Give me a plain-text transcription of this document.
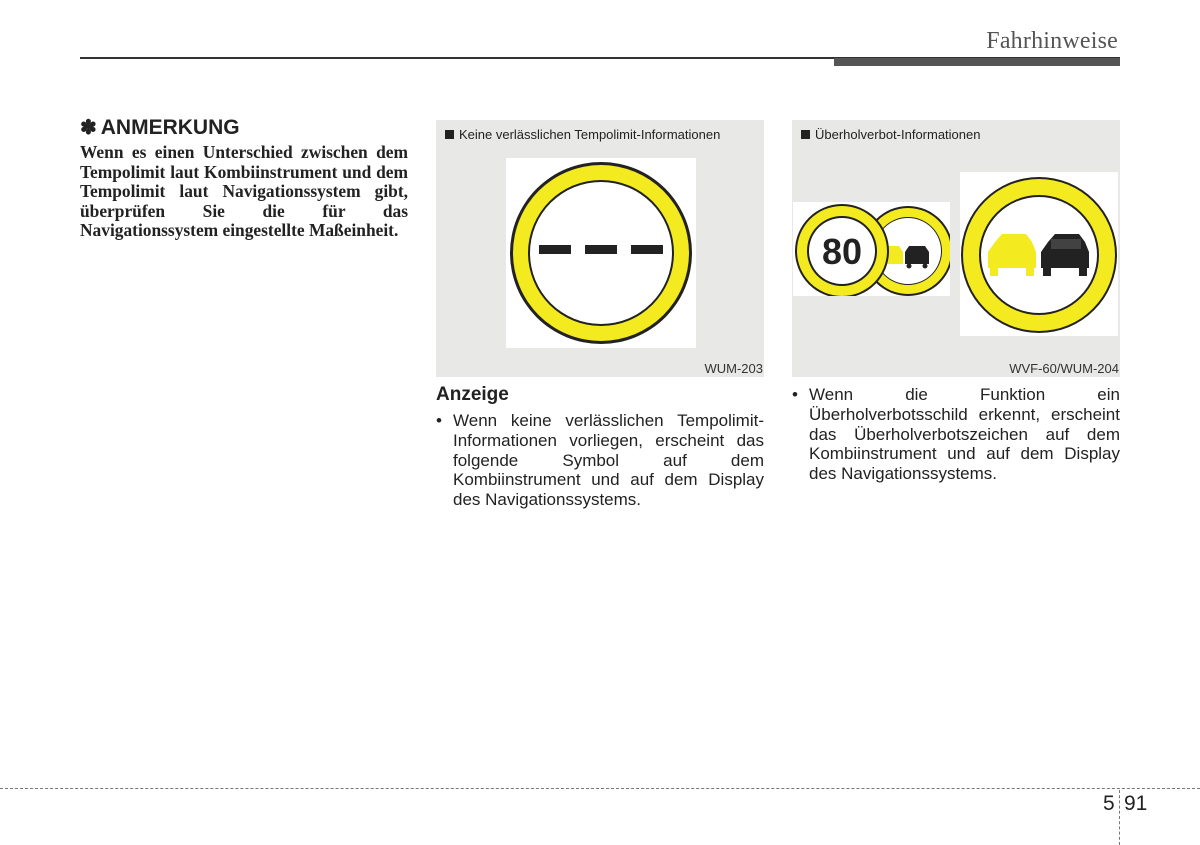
Fahrhinweise
✽ ANMERKUNG

Wenn es einen Unterschied zwischen dem Tempolimit laut Kombiinstrument und dem Tempolimit laut Navigationssystem gibt, überprüfen Sie die für das Navigationssystem eingestellte Maßeinheit.

Keine verlässlichen Tempolimit-Informationen
WUM-203
Überholverbot-Informationen
80
WVF-60/WUM-204
Anzeige
• Wenn keine verlässlichen Tempolimit-Informationen vorliegen, erscheint das folgende Symbol auf dem Kombiinstrument und auf dem Display des Navigationssystems.
• Wenn die Funktion ein Überholverbotsschild erkennt, erscheint das Überholverbotszeichen auf dem Kombiinstrument und auf dem Display des Navigationssystems.
5 91
